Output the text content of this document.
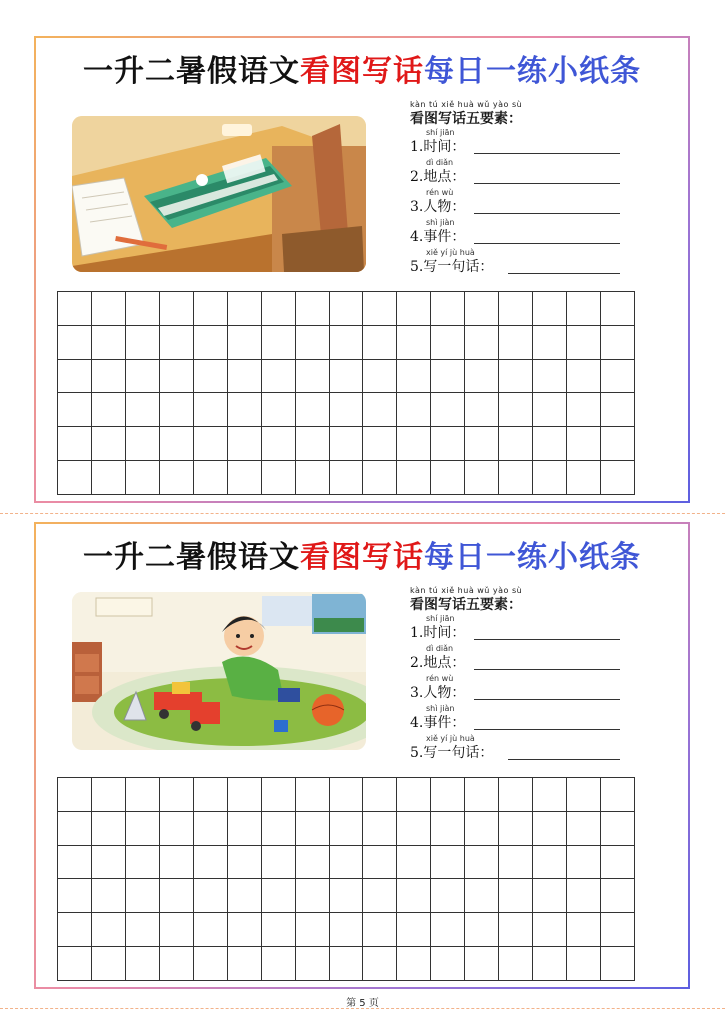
一升二暑假语文看图写话每日一练小纸条
kàn tú xiě huà wǔ yào sù
看图写话五要素：
shí jiān
1.时间：
dì diǎn
2.地点：
rén wù
3.人物：
shì jiàn
4.事件：
xiě yí jù huà
5.写一句话：
一升二暑假语文看图写话每日一练小纸条
kàn tú xiě huà wǔ yào sù
看图写话五要素：
shí jiān
1.时间：
dì diǎn
2.地点：
rén wù
3.人物：
shì jiàn
4.事件：
xiě yí jù huà
5.写一句话：
第 5 页
